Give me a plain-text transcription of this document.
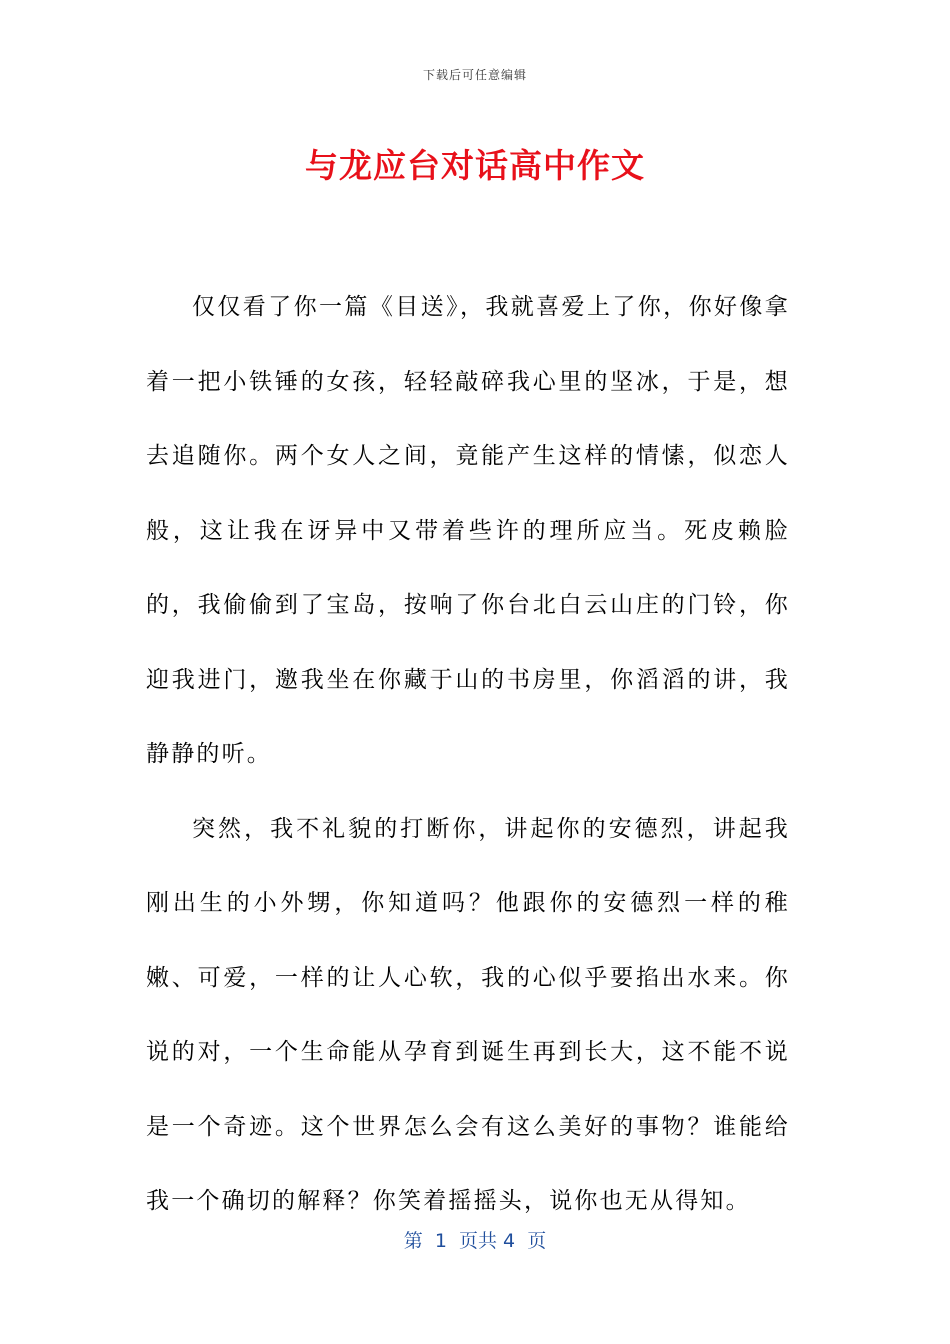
下载后可任意编辑
与龙应台对话高中作文

仅仅看了你一篇《目送》，我就喜爱上了你，你好像拿着一把小铁锤的女孩，轻轻敲碎我心里的坚冰，于是，想去追随你。两个女人之间，竟能产生这样的情愫，似恋人般，这让我在讶异中又带着些许的理所应当。死皮赖脸的，我偷偷到了宝岛，按响了你台北白云山庄的门铃，你迎我进门，邀我坐在你藏于山的书房里，你滔滔的讲，我静静的听。

突然，我不礼貌的打断你，讲起你的安德烈，讲起我刚出生的小外甥，你知道吗？他跟你的安德烈一样的稚嫩、可爱，一样的让人心软，我的心似乎要掐出水来。你说的对，一个生命能从孕育到诞生再到长大，这不能不说是一个奇迹。这个世界怎么会有这么美好的事物？谁能给我一个确切的解释？你笑着摇摇头，说你也无从得知。

第  1  页共 4  页
